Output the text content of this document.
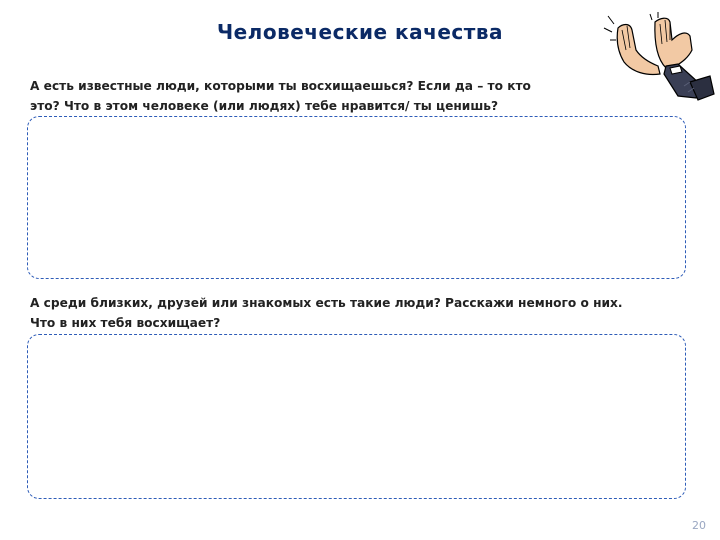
Человеческие качества
А есть известные люди, которыми ты восхищаешься? Если да – то кто
это? Что в этом человеке (или людях) тебе нравится/ ты ценишь?
А среди близких, друзей или знакомых есть такие люди? Расскажи немного о них.
Что в них тебя восхищает?
20
